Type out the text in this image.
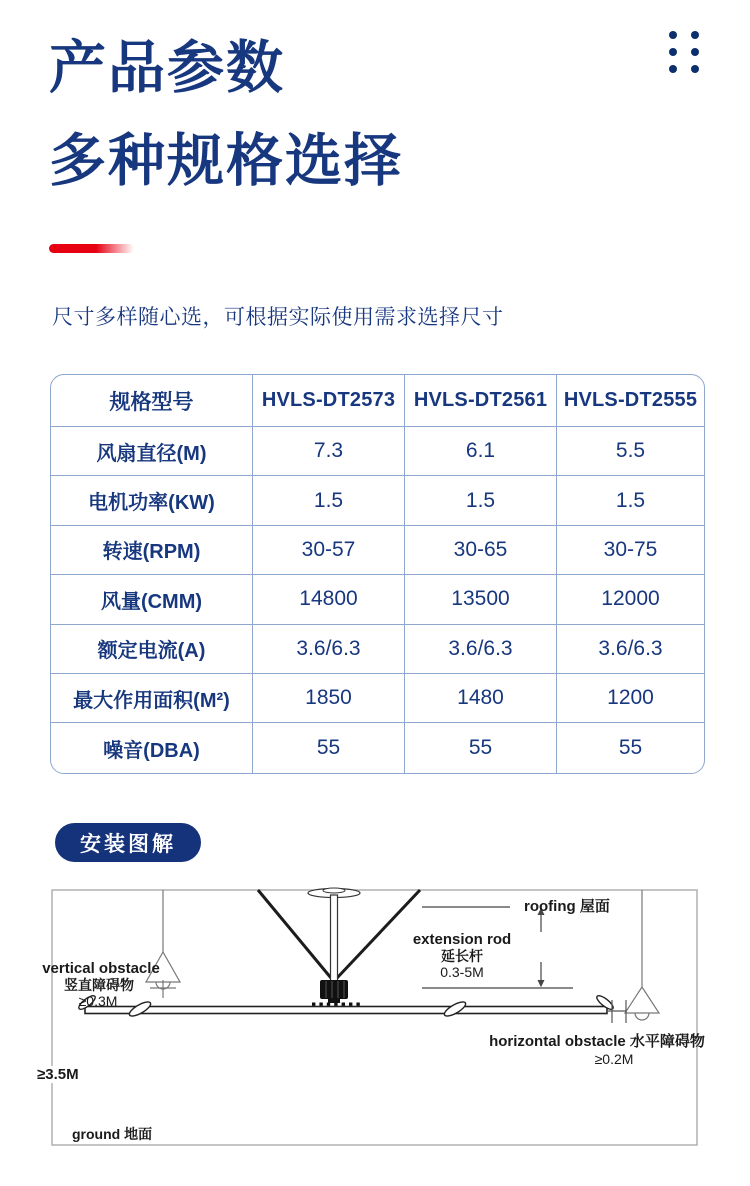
产品参数
多种规格选择
尺寸多样随心选，可根据实际使用需求选择尺寸
规格型号	HVLS-DT2573 HVLS-DT2561 HVLS-DT2555
风扇直径(M)	7.3	6.1	5.5
电机功率(KW)	1.5	1.5	1.5
转速(RPM)	30-57	30-65	30-75
风量(CMM)	14800	13500	12000
额定电流(A)	3.6/6.3	3.6/6.3	3.6/6.3
最大作用面积(M²)	1850	1480	1200
噪音(DBA)	55	55	55
安装图解
extension rod
延长杆
0.3-5M
roofing 屋面
vertical obstacle
竖直障碍物
≥0.3M
horizontal obstacle 水平障碍物
≥0.2M
≥3.5M
ground 地面
